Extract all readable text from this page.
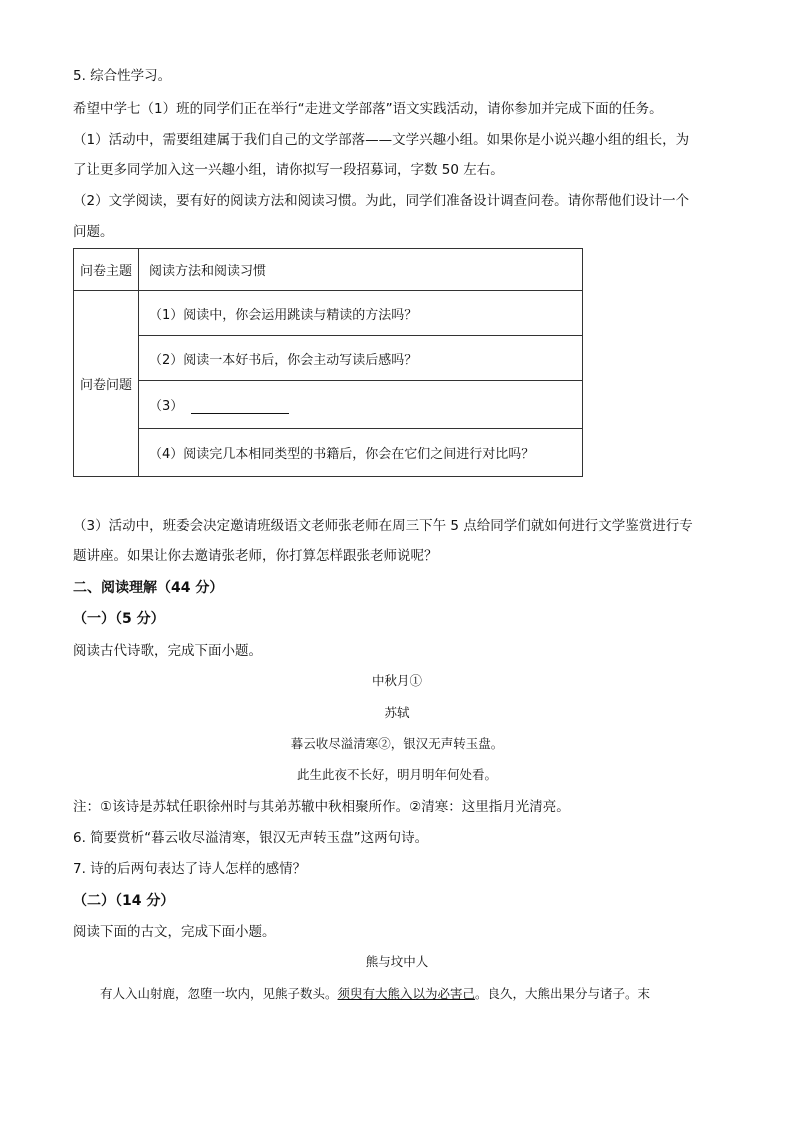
5. 综合性学习。
希望中学七（1）班的同学们正在举行“走进文学部落”语文实践活动，请你参加并完成下面的任务。
（1）活动中，需要组建属于我们自己的文学部落——文学兴趣小组。如果你是小说兴趣小组的组长，为
了让更多同学加入这一兴趣小组，请你拟写一段招募词，字数 50 左右。
（2）文学阅读，要有好的阅读方法和阅读习惯。为此，同学们准备设计调查问卷。请你帮他们设计一个
问题。
问卷主题	阅读方法和阅读习惯
问卷问题	（1）阅读中，你会运用跳读与精读的方法吗？
	（2）阅读一本好书后，你会主动写读后感吗？
	（3）
	（4）阅读完几本相同类型的书籍后，你会在它们之间进行对比吗？
（3）活动中，班委会决定邀请班级语文老师张老师在周三下午 5 点给同学们就如何进行文学鉴赏进行专
题讲座。如果让你去邀请张老师，你打算怎样跟张老师说呢？
二、阅读理解（44 分）
（一）（5 分）
阅读古代诗歌，完成下面小题。
中秋月①
苏轼
暮云收尽溢清寒②，银汉无声转玉盘。
此生此夜不长好，明月明年何处看。
注：①该诗是苏轼任职徐州时与其弟苏辙中秋相聚所作。②清寒：这里指月光清亮。
6. 简要赏析“暮云收尽溢清寒，银汉无声转玉盘”这两句诗。
7. 诗的后两句表达了诗人怎样的感情？
（二）（14 分）
阅读下面的古文，完成下面小题。
熊与坟中人
有人入山射鹿，忽堕一坎内，见熊子数头。须臾有大熊入以为必害己。良久，大熊出果分与诸子。末
